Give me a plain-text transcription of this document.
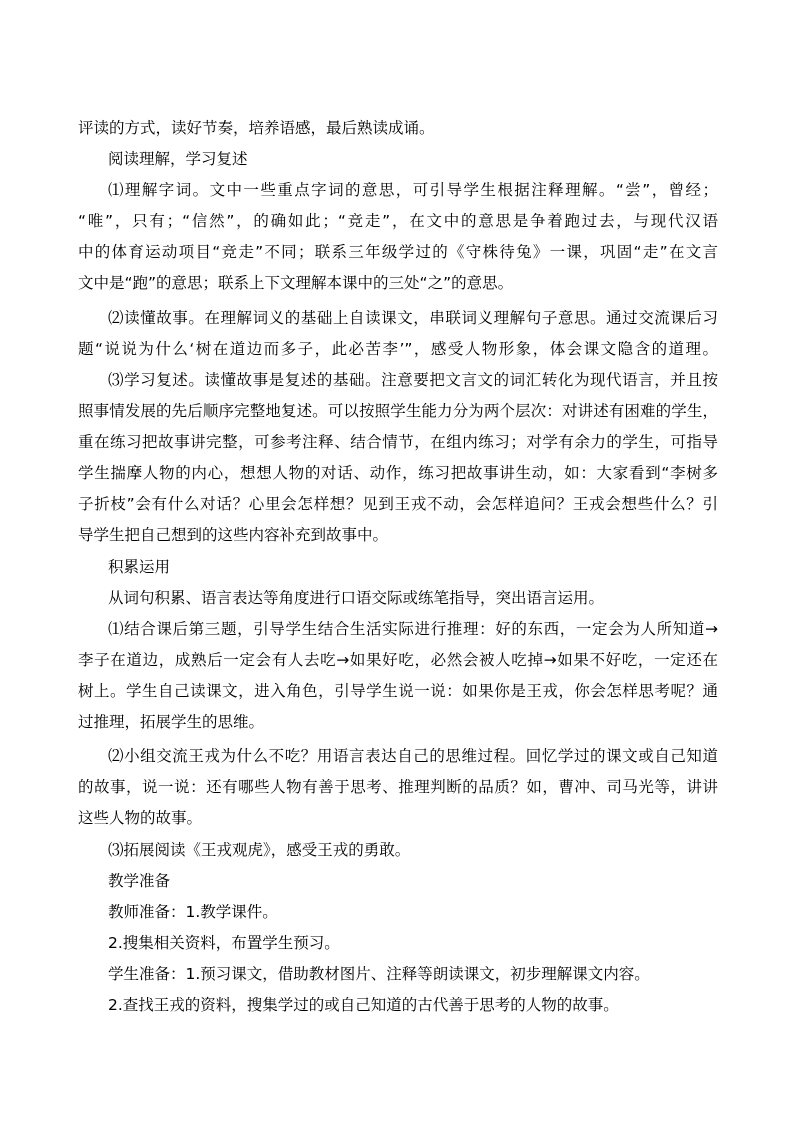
评读的方式，读好节奏，培养语感，最后熟读成诵。
阅读理解，学习复述
⑴理解字词。文中一些重点字词的意思，可引导学生根据注释理解。“尝”，曾经；
“唯”，只有；“信然”，的确如此；“竞走”，在文中的意思是争着跑过去，与现代汉语
中的体育运动项目“竞走”不同；联系三年级学过的《守株待兔》一课，巩固“走”在文言
文中是“跑”的意思；联系上下文理解本课中的三处“之”的意思。
⑵读懂故事。在理解词义的基础上自读课文，串联词义理解句子意思。通过交流课后习
题“说说为什么‘树在道边而多子，此必苦李’”，感受人物形象，体会课文隐含的道理。
⑶学习复述。读懂故事是复述的基础。注意要把文言文的词汇转化为现代语言，并且按
照事情发展的先后顺序完整地复述。可以按照学生能力分为两个层次：对讲述有困难的学生，
重在练习把故事讲完整，可参考注释、结合情节，在组内练习；对学有余力的学生，可指导
学生揣摩人物的内心，想想人物的对话、动作，练习把故事讲生动，如：大家看到“李树多
子折枝”会有什么对话？心里会怎样想？见到王戎不动，会怎样追问？王戎会想些什么？引
导学生把自己想到的这些内容补充到故事中。
积累运用
从词句积累、语言表达等角度进行口语交际或练笔指导，突出语言运用。
⑴结合课后第三题，引导学生结合生活实际进行推理：好的东西，一定会为人所知道→
李子在道边，成熟后一定会有人去吃→如果好吃，必然会被人吃掉→如果不好吃，一定还在
树上。学生自己读课文，进入角色，引导学生说一说：如果你是王戎，你会怎样思考呢？通
过推理，拓展学生的思维。
⑵小组交流王戎为什么不吃？用语言表达自己的思维过程。回忆学过的课文或自己知道
的故事，说一说：还有哪些人物有善于思考、推理判断的品质？如，曹冲、司马光等，讲讲
这些人物的故事。
⑶拓展阅读《王戎观虎》，感受王戎的勇敢。
教学准备
教师准备：1.教学课件。
2.搜集相关资料，布置学生预习。
学生准备：1.预习课文，借助教材图片、注释等朗读课文，初步理解课文内容。
2.查找王戎的资料，搜集学过的或自己知道的古代善于思考的人物的故事。
